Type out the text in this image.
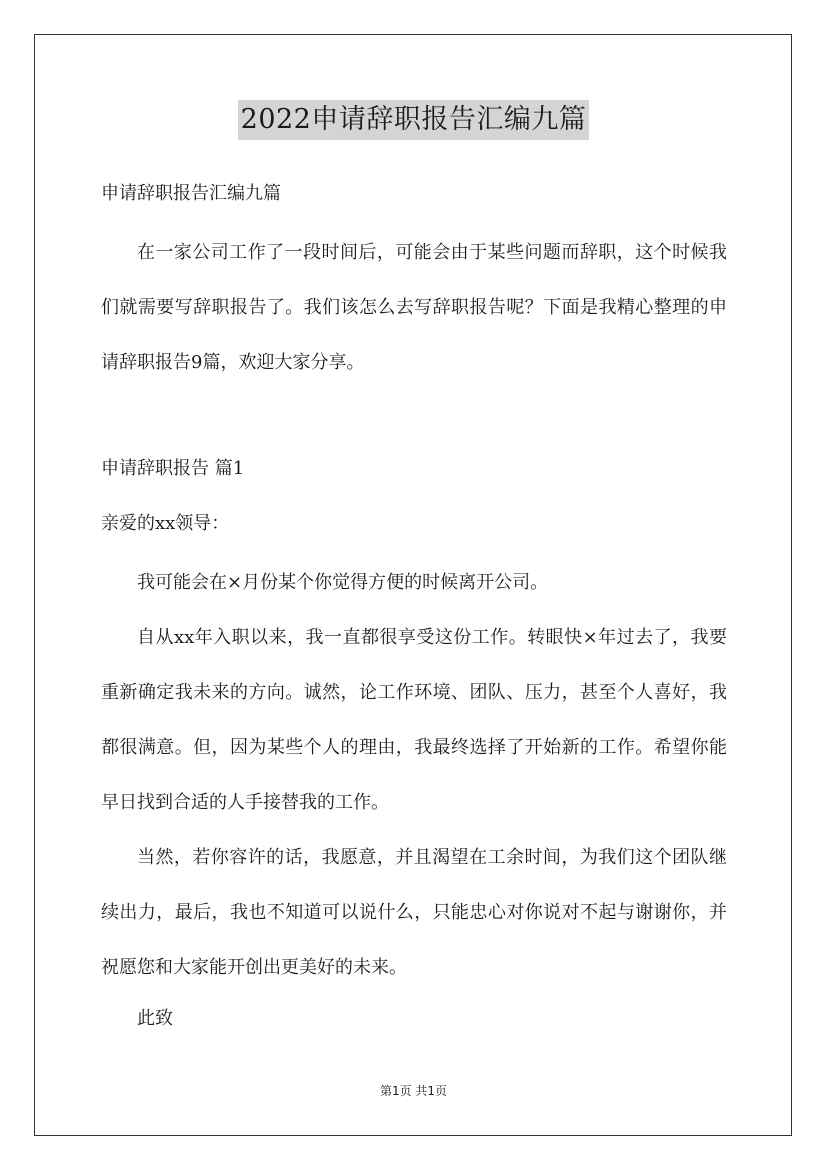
2022申请辞职报告汇编九篇
申请辞职报告汇编九篇

在一家公司工作了一段时间后，可能会由于某些问题而辞职，这个时候我们就需要写辞职报告了。我们该怎么去写辞职报告呢？下面是我精心整理的申请辞职报告9篇，欢迎大家分享。

申请辞职报告 篇1
亲爱的xx领导：

我可能会在×月份某个你觉得方便的时候离开公司。

自从xx年入职以来，我一直都很享受这份工作。转眼快×年过去了，我要重新确定我未来的方向。诚然，论工作环境、团队、压力，甚至个人喜好，我都很满意。但，因为某些个人的理由，我最终选择了开始新的工作。希望你能早日找到合适的人手接替我的工作。

当然，若你容许的话，我愿意，并且渴望在工余时间，为我们这个团队继续出力，最后，我也不知道可以说什么，只能忠心对你说对不起与谢谢你，并祝愿您和大家能开创出更美好的未来。

此致
第1页 共1页
